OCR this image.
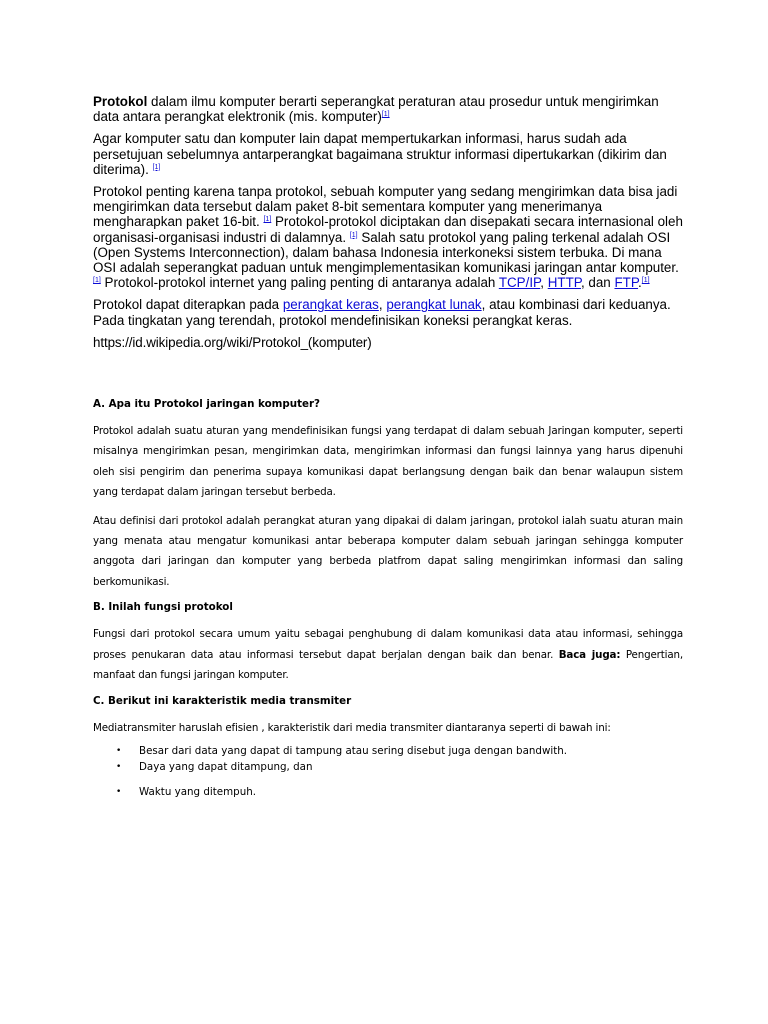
Protokol dalam ilmu komputer berarti seperangkat peraturan atau prosedur untuk mengirimkan data antara perangkat elektronik (mis. komputer)[1]

Agar komputer satu dan komputer lain dapat mempertukarkan informasi, harus sudah ada persetujuan sebelumnya antarperangkat bagaimana struktur informasi dipertukarkan (dikirim dan diterima). [1]

Protokol penting karena tanpa protokol, sebuah komputer yang sedang mengirimkan data bisa jadi mengirimkan data tersebut dalam paket 8-bit sementara komputer yang menerimanya mengharapkan paket 16-bit. [1] Protokol-protokol diciptakan dan disepakati secara internasional oleh organisasi-organisasi industri di dalamnya. [1] Salah satu protokol yang paling terkenal adalah OSI (Open Systems Interconnection), dalam bahasa Indonesia interkoneksi sistem terbuka. Di mana OSI adalah seperangkat paduan untuk mengimplementasikan komunikasi jaringan antar komputer.[1] Protokol-protokol internet yang paling penting di antaranya adalah TCP/IP, HTTP, dan FTP.[1]

Protokol dapat diterapkan pada perangkat keras, perangkat lunak, atau kombinasi dari keduanya. Pada tingkatan yang terendah, protokol mendefinisikan koneksi perangkat keras.

https://id.wikipedia.org/wiki/Protokol_(komputer)

A. Apa itu Protokol jaringan komputer?

Protokol adalah suatu aturan yang mendefinisikan fungsi yang terdapat di dalam sebuah Jaringan komputer, seperti misalnya mengirimkan pesan, mengirimkan data, mengirimkan informasi dan fungsi lainnya yang harus dipenuhi oleh sisi pengirim dan penerima supaya komunikasi dapat berlangsung dengan baik dan benar walaupun sistem yang terdapat dalam jaringan tersebut berbeda.

Atau definisi dari protokol adalah perangkat aturan yang dipakai di dalam jaringan, protokol ialah suatu aturan main yang menata atau mengatur komunikasi antar beberapa komputer dalam sebuah jaringan sehingga komputer anggota dari jaringan dan komputer yang berbeda platfrom dapat saling mengirimkan informasi dan saling berkomunikasi.

B. Inilah fungsi protokol

Fungsi dari protokol secara umum yaitu sebagai penghubung di dalam komunikasi data atau informasi, sehingga proses penukaran data atau informasi tersebut dapat berjalan dengan baik dan benar. Baca juga: Pengertian, manfaat dan fungsi jaringan komputer.

C. Berikut ini karakteristik media transmiter

Mediatransmiter haruslah efisien , karakteristik dari media transmiter diantaranya seperti di bawah ini:

• Besar dari data yang dapat di tampung atau sering disebut juga dengan bandwith.
• Daya yang dapat ditampung, dan
• Waktu yang ditempuh.
